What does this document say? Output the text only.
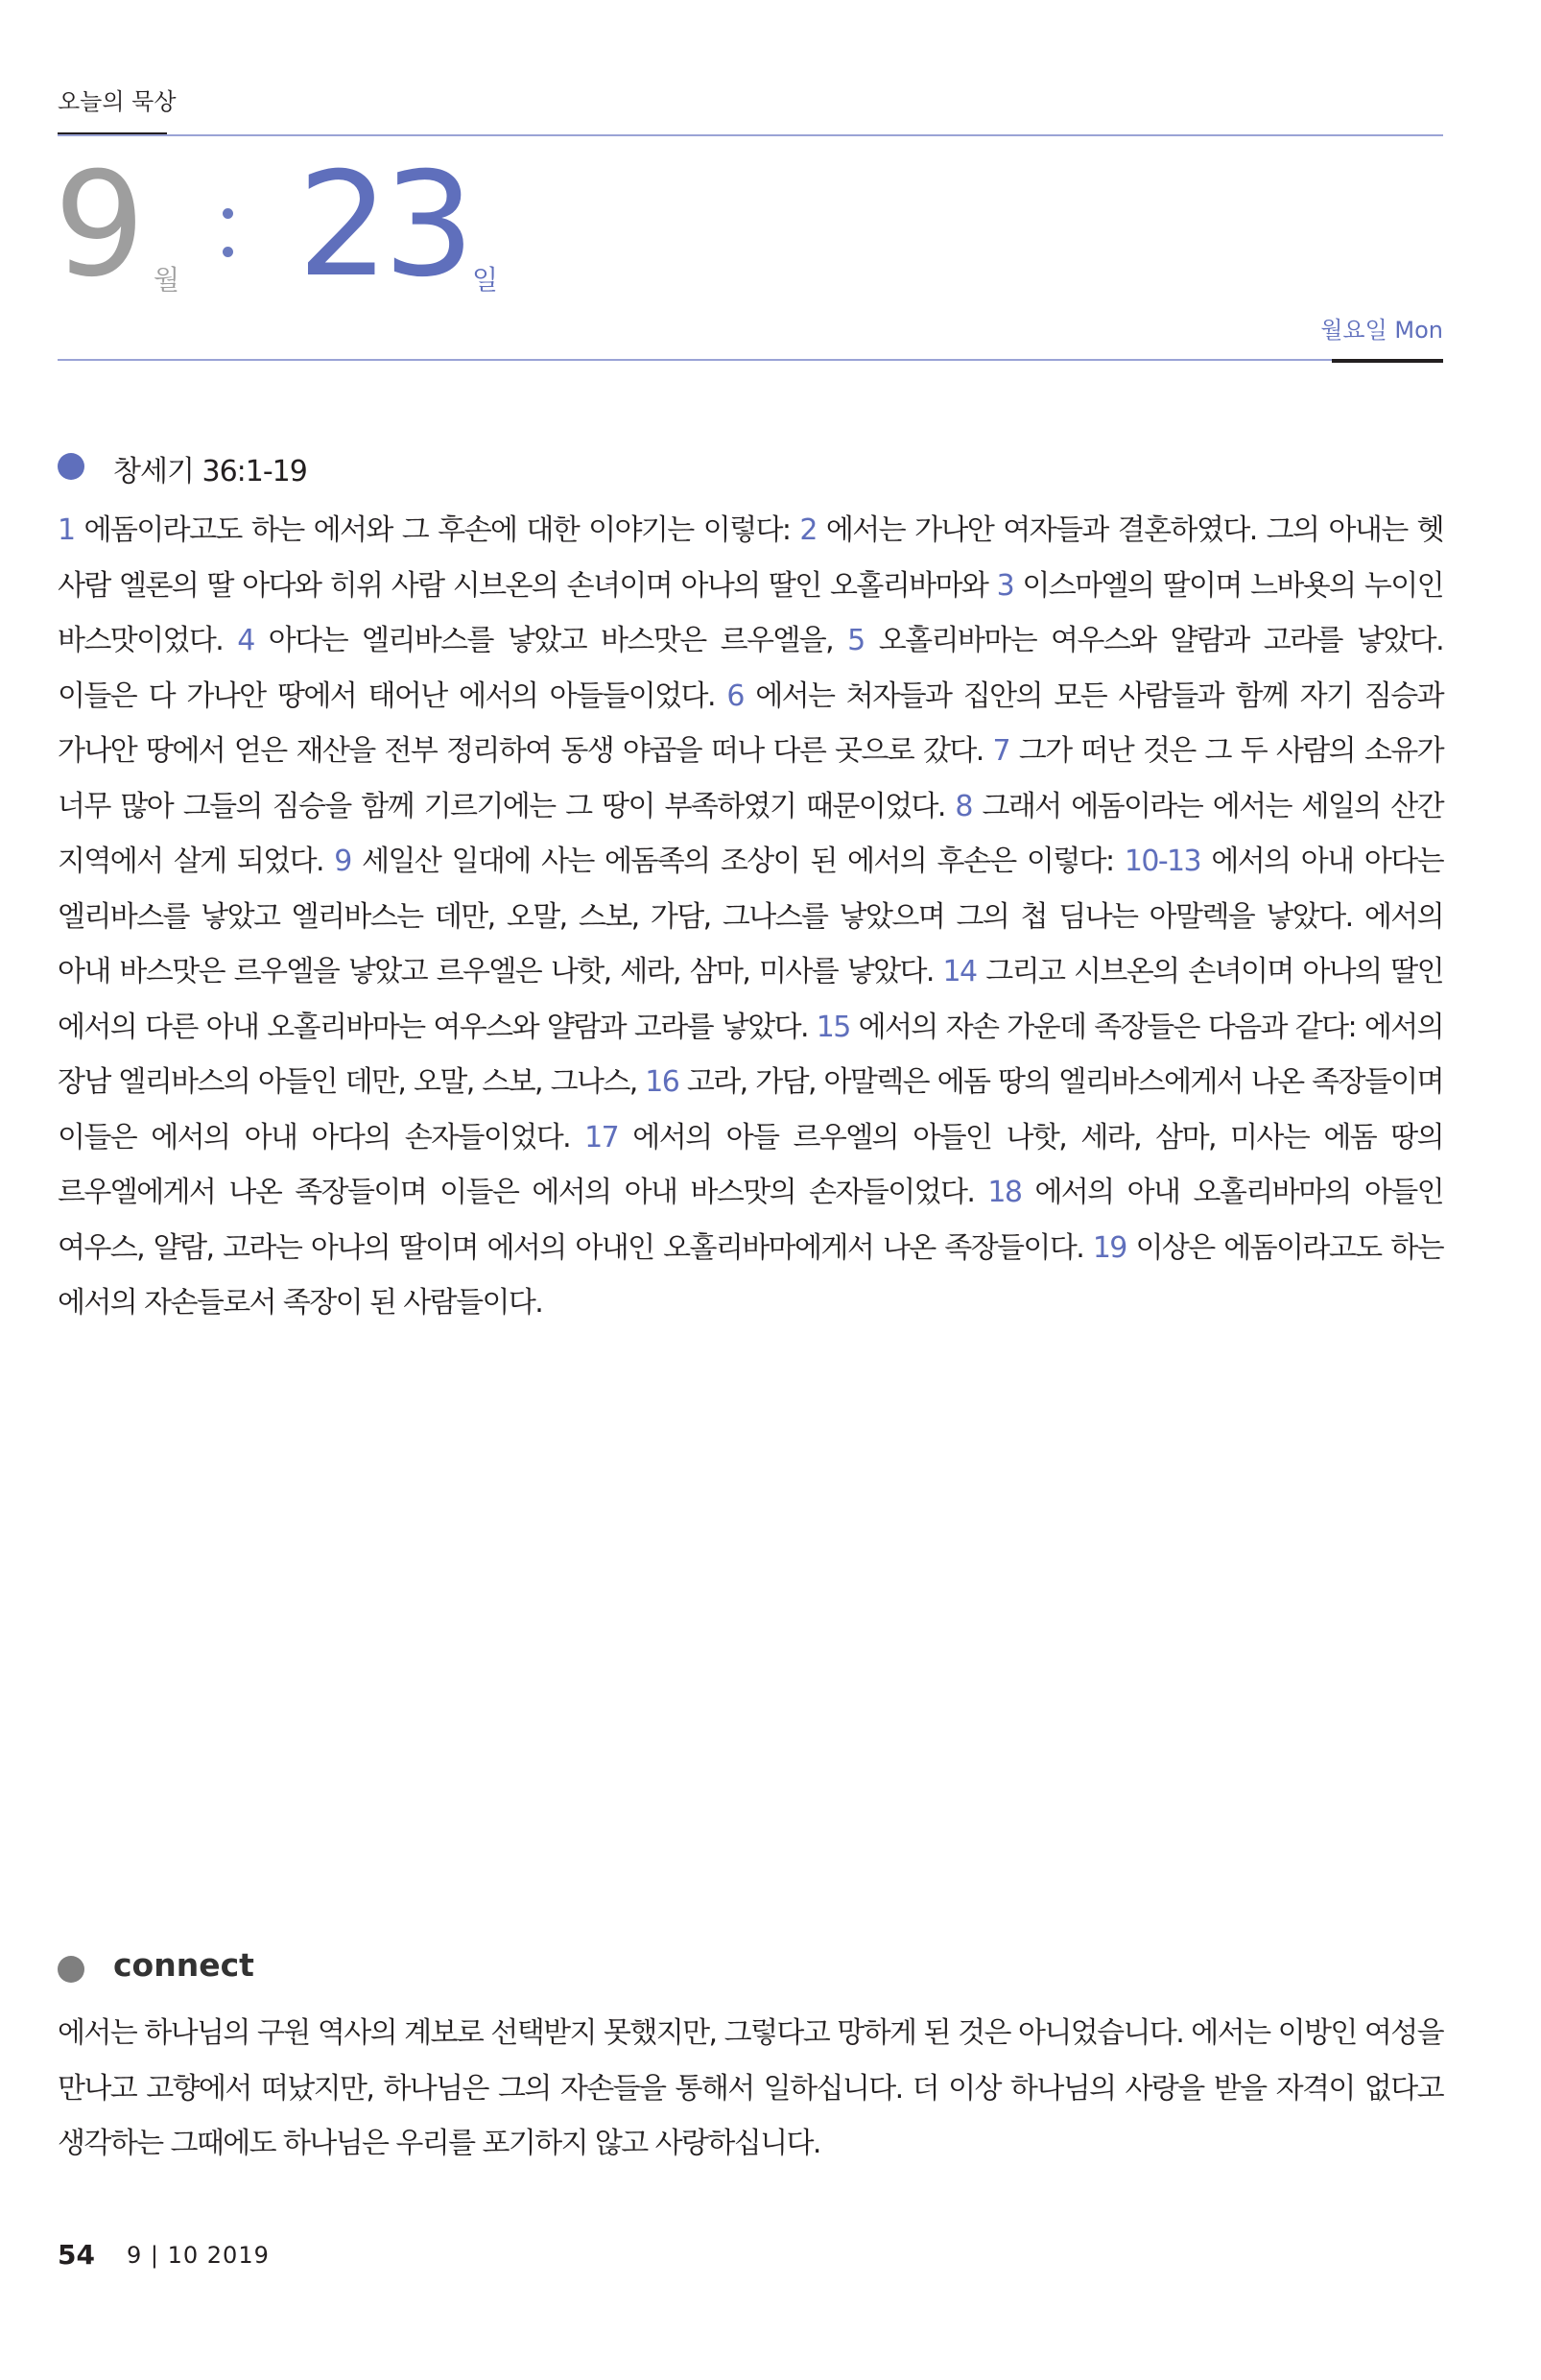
오늘의 묵상
9 월 23 일
월요일 Mon
창세기 36:1-19
1 에돔이라고도 하는 에서와 그 후손에 대한 이야기는 이렇다: 2 에서는 가나안 여자들과 결혼하였다. 그의 아내는 헷 사람 엘론의 딸 아다와 히위 사람 시브온의 손녀이며 아나의 딸인 오홀리바마와 3 이스마엘의 딸이며 느바욧의 누이인 바스맛이었다. 4 아다는 엘리바스를 낳았고 바스맛은 르우엘을, 5 오홀리바마는 여우스와 얄람과 고라를 낳았다. 이들은 다 가나안 땅에서 태어난 에서의 아들들이었다. 6 에서는 처자들과 집안의 모든 사람들과 함께 자기 짐승과 가나안 땅에서 얻은 재산을 전부 정리하여 동생 야곱을 떠나 다른 곳으로 갔다. 7 그가 떠난 것은 그 두 사람의 소유가 너무 많아 그들의 짐승을 함께 기르기에는 그 땅이 부족하였기 때문이었다. 8 그래서 에돔이라는 에서는 세일의 산간 지역에서 살게 되었다. 9 세일산 일대에 사는 에돔족의 조상이 된 에서의 후손은 이렇다: 10-13 에서의 아내 아다는 엘리바스를 낳았고 엘리바스는 데만, 오말, 스보, 가담, 그나스를 낳았으며 그의 첩 딤나는 아말렉을 낳았다. 에서의 아내 바스맛은 르우엘을 낳았고 르우엘은 나핫, 세라, 삼마, 미사를 낳았다. 14 그리고 시브온의 손녀이며 아나의 딸인 에서의 다른 아내 오홀리바마는 여우스와 얄람과 고라를 낳았다. 15 에서의 자손 가운데 족장들은 다음과 같다: 에서의 장남 엘리바스의 아들인 데만, 오말, 스보, 그나스, 16 고라, 가담, 아말렉은 에돔 땅의 엘리바스에게서 나온 족장들이며 이들은 에서의 아내 아다의 손자들이었다. 17 에서의 아들 르우엘의 아들인 나핫, 세라, 삼마, 미사는 에돔 땅의 르우엘에게서 나온 족장들이며 이들은 에서의 아내 바스맛의 손자들이었다. 18 에서의 아내 오홀리바마의 아들인 여우스, 얄람, 고라는 아나의 딸이며 에서의 아내인 오홀리바마에게서 나온 족장들이다. 19 이상은 에돔이라고도 하는 에서의 자손들로서 족장이 된 사람들이다.
connect
에서는 하나님의 구원 역사의 계보로 선택받지 못했지만, 그렇다고 망하게 된 것은 아니었습니다. 에서는 이방인 여성을 만나고 고향에서 떠났지만, 하나님은 그의 자손들을 통해서 일하십니다. 더 이상 하나님의 사랑을 받을 자격이 없다고 생각하는 그때에도 하나님은 우리를 포기하지 않고 사랑하십니다.
54 9 | 10 2019
